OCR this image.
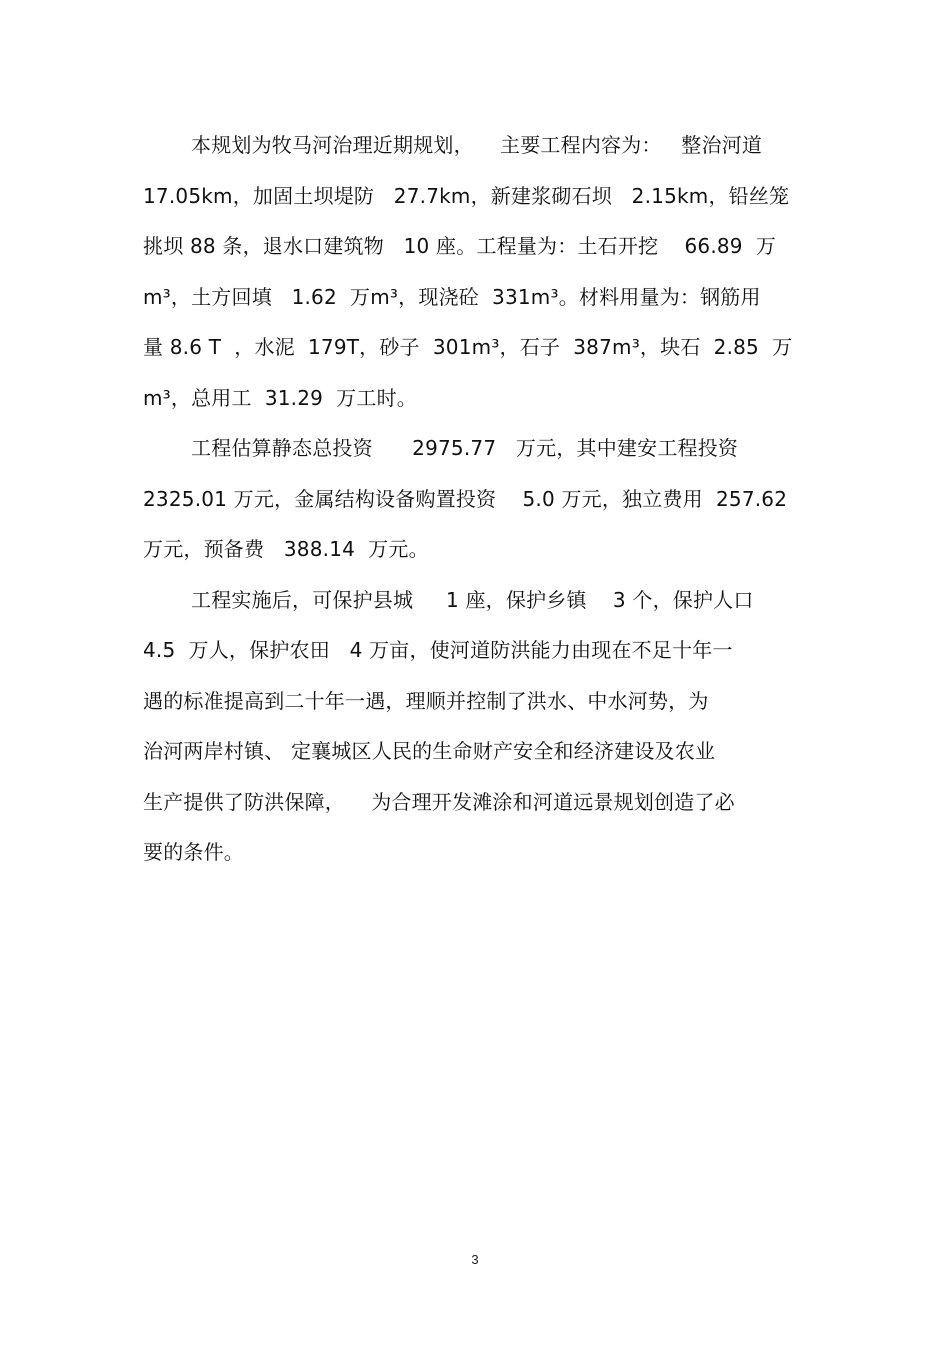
本规划为牧马河治理近期规划，    主要工程内容为：   整治河道
17.05km，加固土坝堤防   27.7km，新建浆砌石坝   2.15km，铅丝笼
挑坝 88 条，退水口建筑物   10 座。工程量为：土石开挖    66.89  万
m³，土方回填   1.62  万m³，现浇砼  331m³。材料用量为：钢筋用
量 8.6 T  ，水泥  179T，砂子  301m³，石子  387m³，块石  2.85  万
m³，总用工  31.29  万工时。
工程估算静态总投资      2975.77   万元，其中建安工程投资
2325.01 万元，金属结构设备购置投资    5.0 万元，独立费用  257.62
万元，预备费   388.14  万元。
工程实施后，可保护县城     1 座，保护乡镇    3 个，保护人口
4.5  万人，保护农田   4 万亩，使河道防洪能力由现在不足十年一
遇的标准提高到二十年一遇，理顺并控制了洪水、中水河势，为
治河两岸村镇、 定襄城区人民的生命财产安全和经济建设及农业
生产提供了防洪保障，    为合理开发滩涂和河道远景规划创造了必
要的条件。
3
